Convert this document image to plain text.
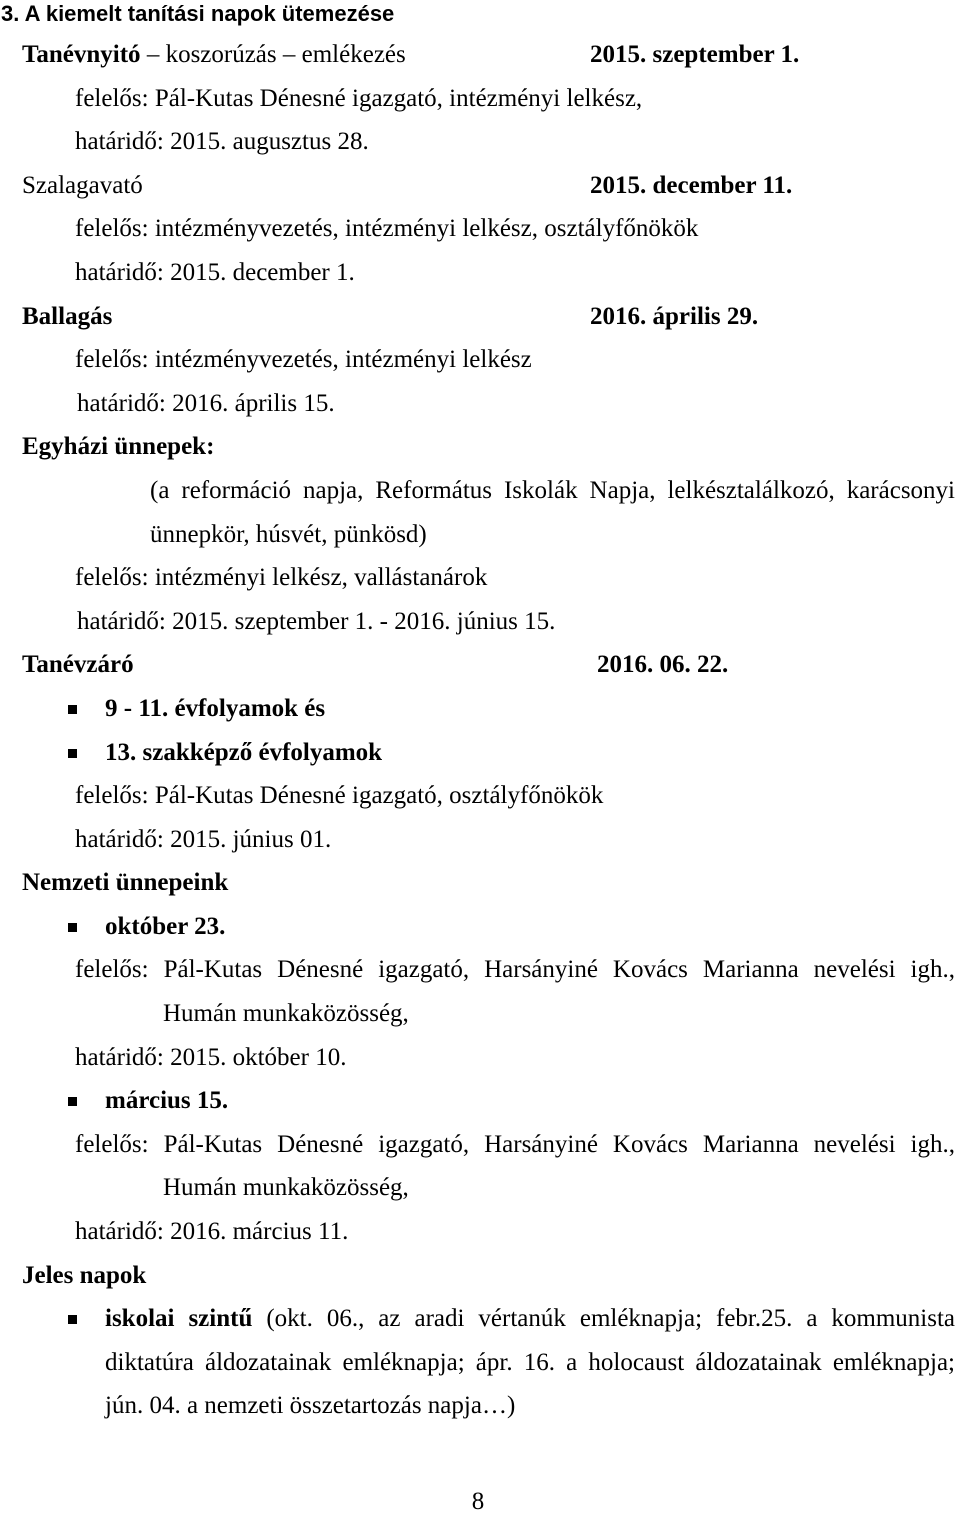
3. A kiemelt tanítási napok ütemezése
Tanévnyitó – koszorúzás – emlékezés	2015. szeptember 1.
felelős: Pál-Kutas Dénesné igazgató, intézményi lelkész,
határidő: 2015. augusztus 28.
Szalagavató	2015. december 11.
felelős: intézményvezetés, intézményi lelkész, osztályfőnökök
határidő: 2015. december 1.
Ballagás	2016. április 29.
felelős: intézményvezetés, intézményi lelkész
határidő: 2016. április 15.
Egyházi ünnepek:
(a reformáció napja, Református Iskolák Napja, lelkésztalálkozó, karácsonyi
ünnepkör, húsvét, pünkösd)
felelős: intézményi lelkész, vallástanárok
határidő: 2015. szeptember 1. - 2016. június 15.
Tanévzáró	2016. 06. 22.
9 - 11. évfolyamok és
13. szakképző évfolyamok
felelős: Pál-Kutas Dénesné igazgató, osztályfőnökök
határidő: 2015. június 01.
Nemzeti ünnepeink
október 23.
felelős: Pál-Kutas Dénesné igazgató, Harsányiné Kovács Marianna nevelési igh.,
Humán munkaközösség,
határidő: 2015. október 10.
március 15.
felelős: Pál-Kutas Dénesné igazgató, Harsányiné Kovács Marianna nevelési igh.,
Humán munkaközösség,
határidő: 2016. március 11.
Jeles napok
iskolai szintű (okt. 06., az aradi vértanúk emléknapja; febr.25. a kommunista
diktatúra áldozatainak emléknapja; ápr. 16. a holocaust áldozatainak emléknapja;
jún. 04. a nemzeti összetartozás napja…)
8
